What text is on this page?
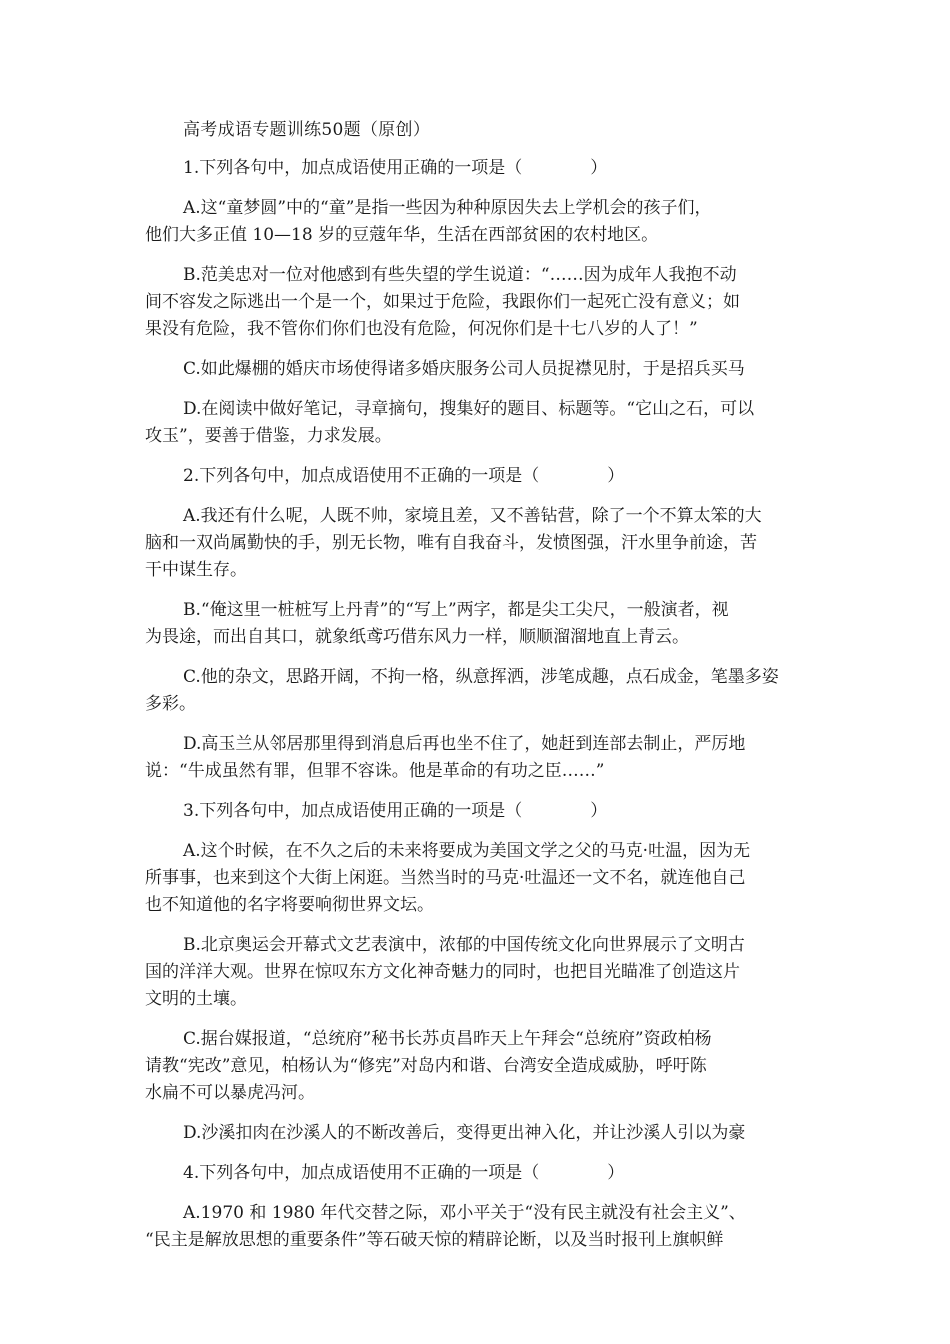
高考成语专题训练50题（原创）
1.下列各句中，加点成语使用正确的一项是（　　　　）
A.这“童梦圆”中的“童”是指一些因为种种原因失去上学机会的孩子们，
他们大多正值 10—18 岁的豆蔻年华，生活在西部贫困的农村地区。
B.范美忠对一位对他感到有些失望的学生说道：“……因为成年人我抱不动
间不容发之际逃出一个是一个，如果过于危险，我跟你们一起死亡没有意义；如
果没有危险，我不管你们你们也没有危险，何况你们是十七八岁的人了！”
C.如此爆棚的婚庆市场使得诸多婚庆服务公司人员捉襟见肘，于是招兵买马
D.在阅读中做好笔记，寻章摘句，搜集好的题目、标题等。“它山之石，可以
攻玉”，要善于借鉴，力求发展。
2.下列各句中，加点成语使用不正确的一项是（　　　　）
A.我还有什么呢，人既不帅，家境且差，又不善钻营，除了一个不算太笨的大
脑和一双尚属勤快的手，别无长物，唯有自我奋斗，发愤图强，汗水里争前途，苦
干中谋生存。
B.“俺这里一桩桩写上丹青”的“写上”两字，都是尖工尖尺，一般演者，视
为畏途，而出自其口，就象纸鸢巧借东风力一样，顺顺溜溜地直上青云。
C.他的杂文，思路开阔，不拘一格，纵意挥洒，涉笔成趣，点石成金，笔墨多姿
多彩。
D.高玉兰从邻居那里得到消息后再也坐不住了，她赶到连部去制止，严厉地
说：“牛成虽然有罪，但罪不容诛。他是革命的有功之臣……”
3.下列各句中，加点成语使用正确的一项是（　　　　）
A.这个时候，在不久之后的未来将要成为美国文学之父的马克·吐温，因为无
所事事，也来到这个大街上闲逛。当然当时的马克·吐温还一文不名，就连他自己
也不知道他的名字将要响彻世界文坛。
B.北京奥运会开幕式文艺表演中，浓郁的中国传统文化向世界展示了文明古
国的洋洋大观。世界在惊叹东方文化神奇魅力的同时，也把目光瞄准了创造这片
文明的土壤。
C.据台媒报道，“总统府”秘书长苏贞昌昨天上午拜会“总统府”资政柏杨
请教“宪改”意见，柏杨认为“修宪”对岛内和谐、台湾安全造成威胁，呼吁陈
水扁不可以暴虎冯河。
D.沙溪扣肉在沙溪人的不断改善后，变得更出神入化，并让沙溪人引以为豪
4.下列各句中，加点成语使用不正确的一项是（　　　　）
A.1970 和 1980 年代交替之际，邓小平关于“没有民主就没有社会主义”、
“民主是解放思想的重要条件”等石破天惊的精辟论断，以及当时报刊上旗帜鲜
